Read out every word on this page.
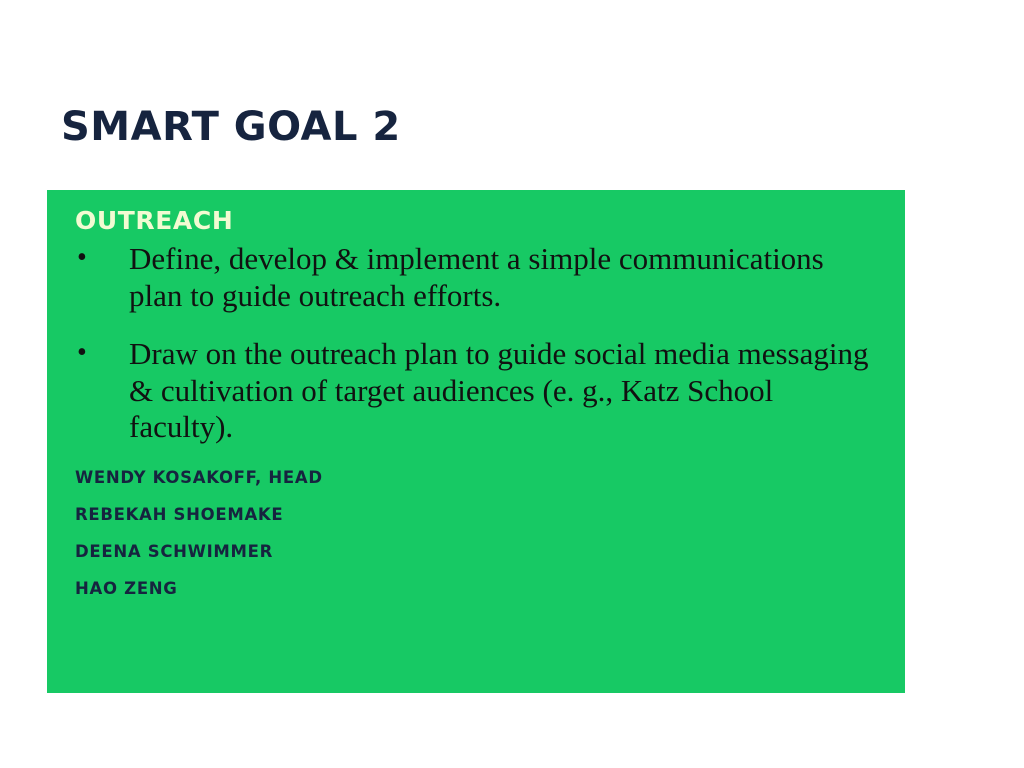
SMART GOAL 2
OUTREACH
• Define, develop & implement a simple communications plan to guide outreach efforts.
• Draw on the outreach plan to guide social media messaging & cultivation of target audiences (e. g., Katz School faculty).
WENDY KOSAKOFF, HEAD
REBEKAH SHOEMAKE
DEENA SCHWIMMER
HAO ZENG
